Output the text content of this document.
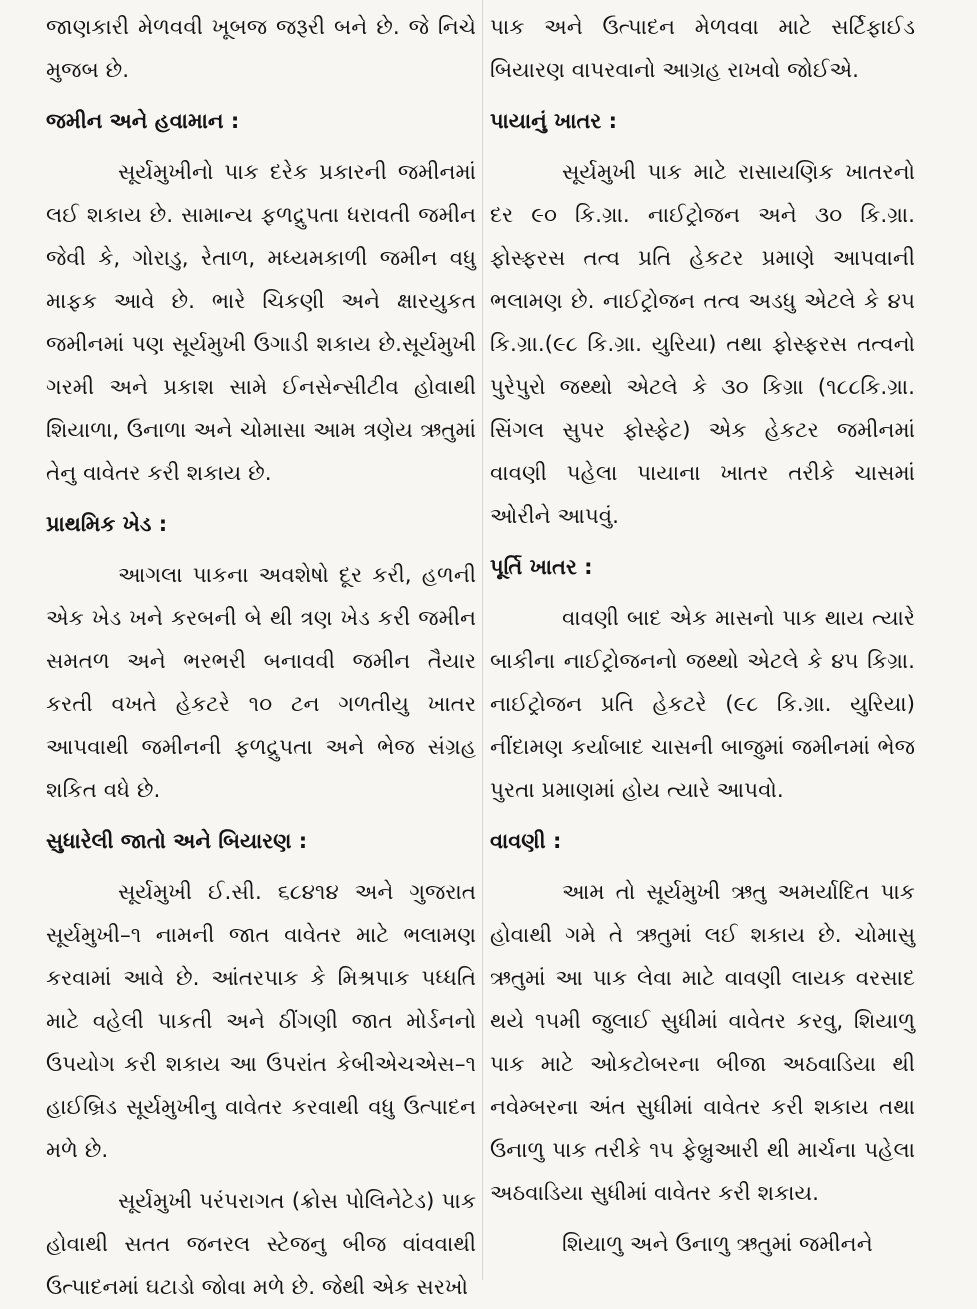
જાણકારી મેળવવી ખૂબજ જરૂરી બને છે. જે નિચે મુજબ છે.

જમીન અને હવામાન :

સૂર્યમુખીનો પાક દરેક પ્રકારની જમીનમાં લઈ શકાય છે. સામાન્ય ફળદ્રુપતા ધરાવતી જમીન જેવી કે, ગોરાડુ, રેતાળ, મધ્યમકાળી જમીન વધુ માફક આવે છે. ભારે ચિકણી અને ક્ષારયુકત જમીનમાં પણ સૂર્યમુખી ઉગાડી શકાય છે.સૂર્યમુખી ગરમી અને પ્રકાશ સામે ઈનસેન્સીટીવ હોવાથી શિયાળા, ઉનાળા અને ચોમાસા આમ ત્રણેય ઋતુમાં તેનુ વાવેતર કરી શકાય છે.

પ્રાથમિક ખેડ :

આગલા પાકના અવશેષો દૂર કરી, હળની એક ખેડ ખને કરબની બે થી ત્રણ ખેડ કરી જમીન સમતળ અને ભરભરી બનાવવી જમીન તૈયાર કરતી વખતે હેકટરે ૧૦ ટન ગળતીયુ ખાતર આપવાથી જમીનની ફળદ્રુપતા અને ભેજ સંગ્રહ શકિત વધે છે.

સુધારેલી જાતો અને બિયારણ :

સૂર્યમુખી ઈ.સી. ૬૮૪૧૪ અને ગુજરાત સૂર્યમુખી–૧ નામની જાત વાવેતર માટે ભલામણ કરવામાં આવે છે. આંતરપાક કે મિશ્રપાક પધ્ધતિ માટે વહેલી પાકતી અને ઠીંગણી જાત મોર્ડનનો ઉપયોગ કરી શકાય આ ઉપરાંત કેબીએચએસ–૧ હાઈબ્રિડ સૂર્યમુખીનુ વાવેતર કરવાથી વધુ ઉત્પાદન મળે છે.

સૂર્યમુખી પરંપરાગત (ક્રોસ પોલિનેટેડ) પાક હોવાથી સતત જનરલ સ્ટેજનુ બીજ વાંવવાથી ઉત્પાદનમાં ઘટાડો જોવા મળે છે. જેથી એક સરખો

પાક અને ઉત્પાદન મેળવવા માટે સર્ટિફાઈડ બિયારણ વાપરવાનો આગ્રહ રાખવો જોઈએ.

પાયાનું ખાતર :

સૂર્યમુખી પાક માટે રાસાયણિક ખાતરનો દર ૯૦ કિ.ગ્રા. નાઈટ્રોજન અને ૩૦ કિ.ગ્રા. ફોસ્ફરસ તત્વ પ્રતિ હેકટર પ્રમાણે આપવાની ભલામણ છે. નાઈટ્રોજન તત્વ અડધુ એટલે કે ૪૫ કિ.ગ્રા.(૯૮ કિ.ગ્રા. યુરિયા) તથા ફોસ્ફરસ તત્વનો પુરેપુરો જથ્થો એટલે કે ૩૦ કિગ્રા (૧૮૮કિ.ગ્રા. સિંગલ સુપર ફોસ્ફેટ) એક હેકટર જમીનમાં વાવણી પહેલા પાયાના ખાતર તરીકે ચાસમાં ઓરીને આપવું.

પૂર્તિ ખાતર :

વાવણી બાદ એક માસનો પાક થાય ત્યારે બાકીના નાઈટ્રોજનનો જથ્થો એટલે કે ૪૫ કિગ્રા. નાઈટ્રોજન પ્રતિ હેકટરે (૯૮ કિ.ગ્રા. યુરિયા) નીંદામણ કર્યાબાદ ચાસની બાજુમાં જમીનમાં ભેજ પુરતા પ્રમાણમાં હોય ત્યારે આપવો.

વાવણી :

આમ તો સૂર્યમુખી ઋતુ અમર્યાદિત પાક હોવાથી ગમે તે ઋતુમાં લઈ શકાય છે. ચોમાસુ ઋતુમાં આ પાક લેવા માટે વાવણી લાયક વરસાદ થયે ૧૫મી જુલાઈ સુધીમાં વાવેતર કરવુ, શિયાળુ પાક માટે ઓકટોબરના બીજા અઠવાડિયા થી નવેમ્બરના અંત સુધીમાં વાવેતર કરી શકાય તથા ઉનાળુ પાક તરીકે ૧૫ ફેબ્રુઆરી થી માર્ચના પહેલા અઠવાડિયા સુધીમાં વાવેતર કરી શકાય.

શિયાળુ અને ઉનાળુ ઋતુમાં જમીનને
